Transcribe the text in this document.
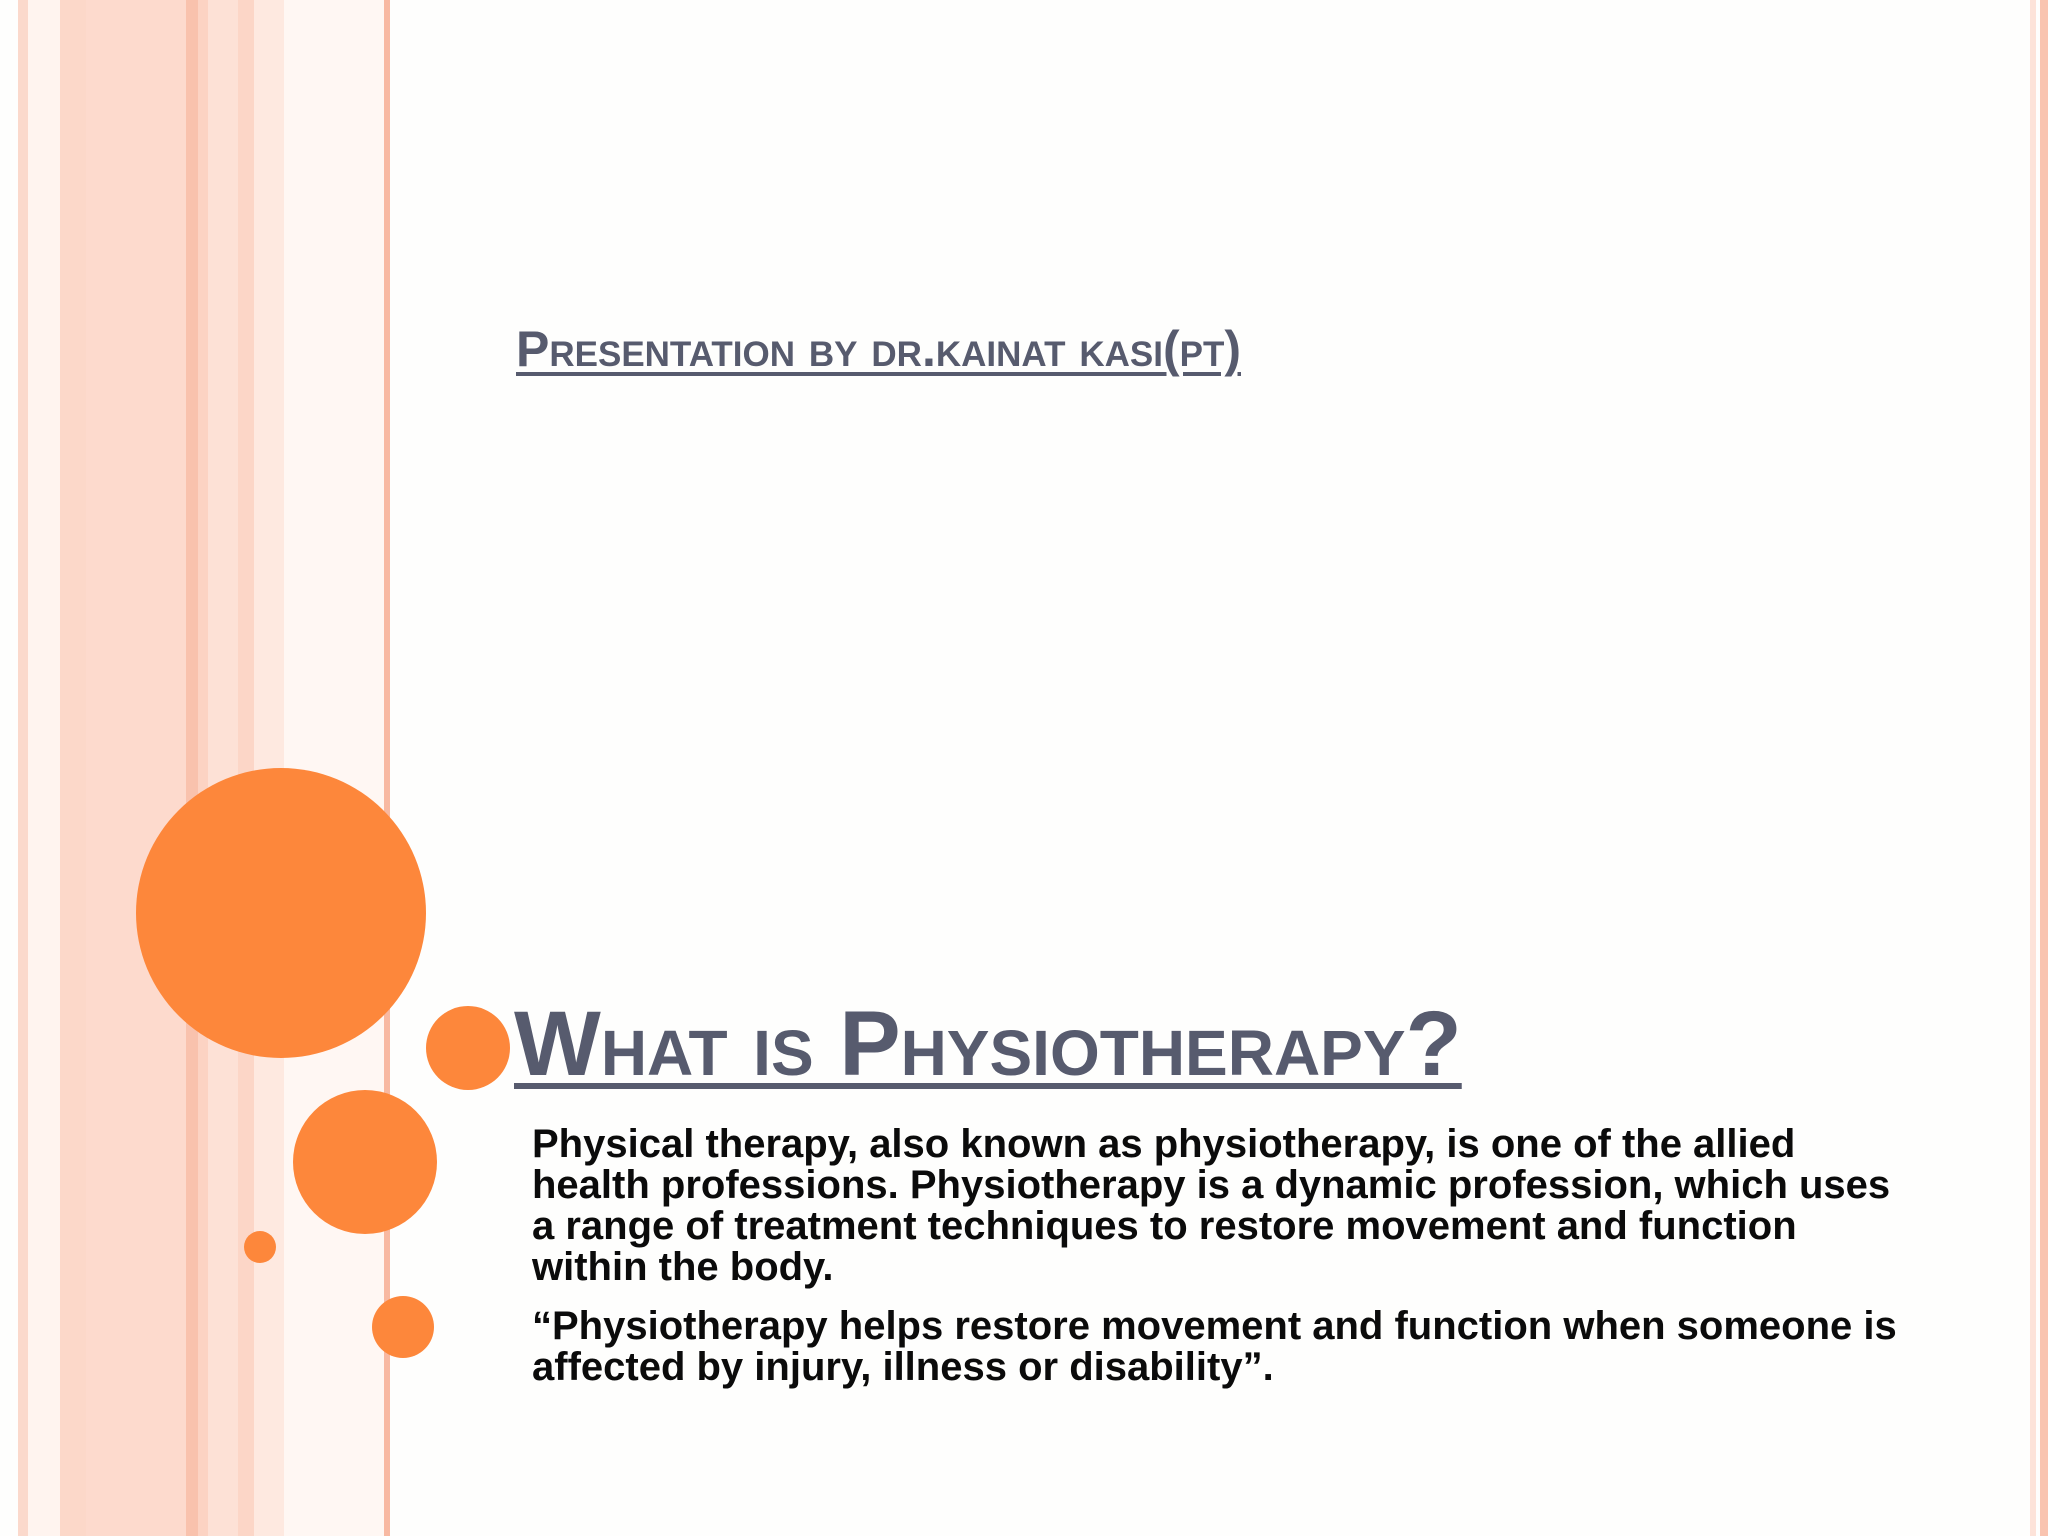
Presentation by dr.kainat kasi(pt)
What is Physiotherapy?

Physical therapy, also known as physiotherapy, is one of the allied health professions. Physiotherapy is a dynamic profession, which uses a range of treatment techniques to restore movement and function within the body.

“Physiotherapy helps restore movement and function when someone is affected by injury, illness or disability”.
